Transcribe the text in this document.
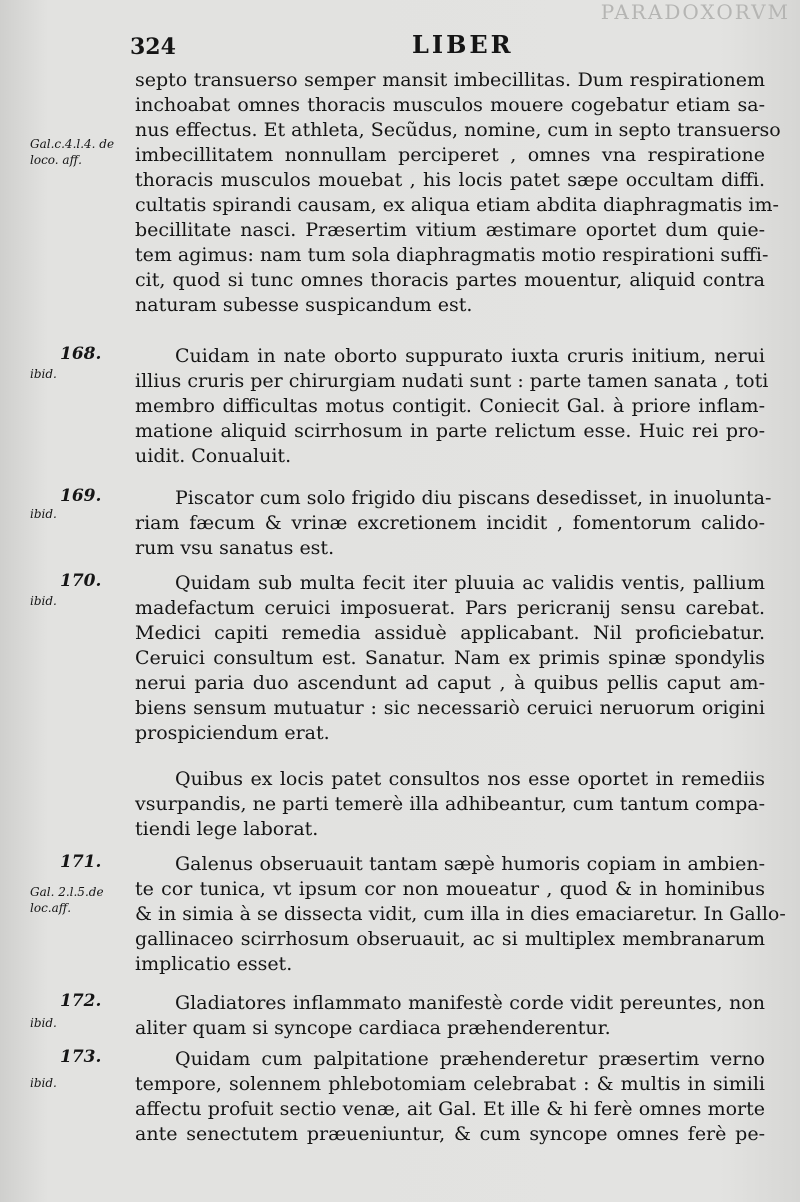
PARADOXORVM
324	LIBER
Gal.c.4.l.4. de loco. aff.
septo transuerso semper mansit imbecillitas. Dum respirationem
inchoabat omnes thoracis musculos mouere cogebatur etiam sa-
nus effectus. Et athleta, Secũdus, nomine, cum in septo transuerso
imbecillitatem nonnullam perciperet , omnes vna respiratione
thoracis musculos mouebat , his locis patet sæpe occultam diffi.
cultatis spirandi causam, ex aliqua etiam abdita diaphragmatis im-
becillitate nasci. Præsertim vitium æstimare oportet dum quie-
tem agimus: nam tum sola diaphragmatis motio respirationi suffi-
cit, quod si tunc omnes thoracis partes mouentur, aliquid contra
naturam subesse suspicandum est.
168.
ibid.
Cuidam in nate oborto suppurato iuxta cruris initium, nerui
illius cruris per chirurgiam nudati sunt : parte tamen sanata , toti
membro difficultas motus contigit. Coniecit Gal. à priore inflam-
matione aliquid scirrhosum in parte relictum esse. Huic rei pro-
uidit. Conualuit.
169.
ibid.
Piscator cum solo frigido diu piscans desedisset, in inuolunta-
riam fæcum & vrinæ excretionem incidit , fomentorum calido-
rum vsu sanatus est.
170.
ibid.
Quidam sub multa fecit iter pluuia ac validis ventis, pallium
madefactum ceruici imposuerat. Pars pericranij sensu carebat.
Medici capiti remedia assiduè applicabant. Nil proficiebatur.
Ceruici consultum est. Sanatur. Nam ex primis spinæ spondylis
nerui paria duo ascendunt ad caput , à quibus pellis caput am-
biens sensum mutuatur : sic necessariò ceruici neruorum origini
prospiciendum erat.
Quibus ex locis patet consultos nos esse oportet in remediis
vsurpandis, ne parti temerè illa adhibeantur, cum tantum compa-
tiendi lege laborat.
171.
Gal. 2.l.5.de loc.aff.
Galenus obseruauit tantam sæpè humoris copiam in ambien-
te cor tunica, vt ipsum cor non moueatur , quod & in hominibus
& in simia à se dissecta vidit, cum illa in dies emaciaretur. In Gallo-
gallinaceo scirrhosum obseruauit, ac si multiplex membranarum
implicatio esset.
172.
ibid.
Gladiatores inflammato manifestè corde vidit pereuntes, non
aliter quam si syncope cardiaca præhenderentur.
173.
ibid.
Quidam cum palpitatione præhenderetur præsertim verno
tempore, solennem phlebotomiam celebrabat : & multis in simili
affectu profuit sectio venæ, ait Gal. Et ille & hi ferè omnes morte
ante senectutem præueniuntur, & cum syncope omnes ferè pe-
